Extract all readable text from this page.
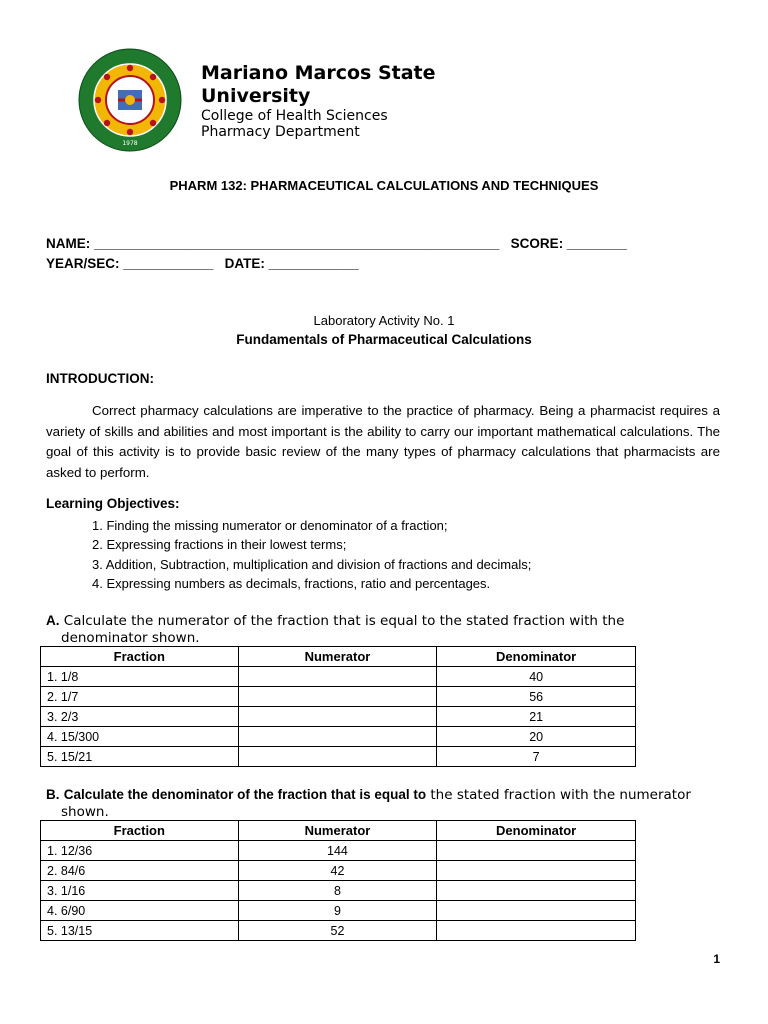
1978
Mariano Marcos State University
College of Health Sciences
Pharmacy Department
PHARM 132: PHARMACEUTICAL CALCULATIONS AND TECHNIQUES
NAME: ______________________________________________________   SCORE: ________
YEAR/SEC: ____________   DATE: ____________
Laboratory Activity No. 1
Fundamentals of Pharmaceutical Calculations
INTRODUCTION:
Correct pharmacy calculations are imperative to the practice of pharmacy. Being a pharmacist requires a variety of skills and abilities and most important is the ability to carry our important mathematical calculations. The goal of this activity is to provide basic review of the many types of pharmacy calculations that pharmacists are asked to perform.
Learning Objectives:
1. Finding the missing numerator or denominator of a fraction;
2. Expressing fractions in their lowest terms;
3. Addition, Subtraction, multiplication and division of fractions and decimals;
4. Expressing numbers as decimals, fractions, ratio and percentages.
A. Calculate the numerator of the fraction that is equal to the stated fraction with the
denominator shown.
Fraction	Numerator	Denominator
1. 1/8		40
2. 1/7		56
3. 2/3		21
4. 15/300		20
5. 15/21		7
B. Calculate the denominator of the fraction that is equal to the stated fraction with the numerator
shown.
Fraction	Numerator	Denominator
1. 12/36	144	
2. 84/6	42	
3. 1/16	8	
4. 6/90	9	
5. 13/15	52	
1
